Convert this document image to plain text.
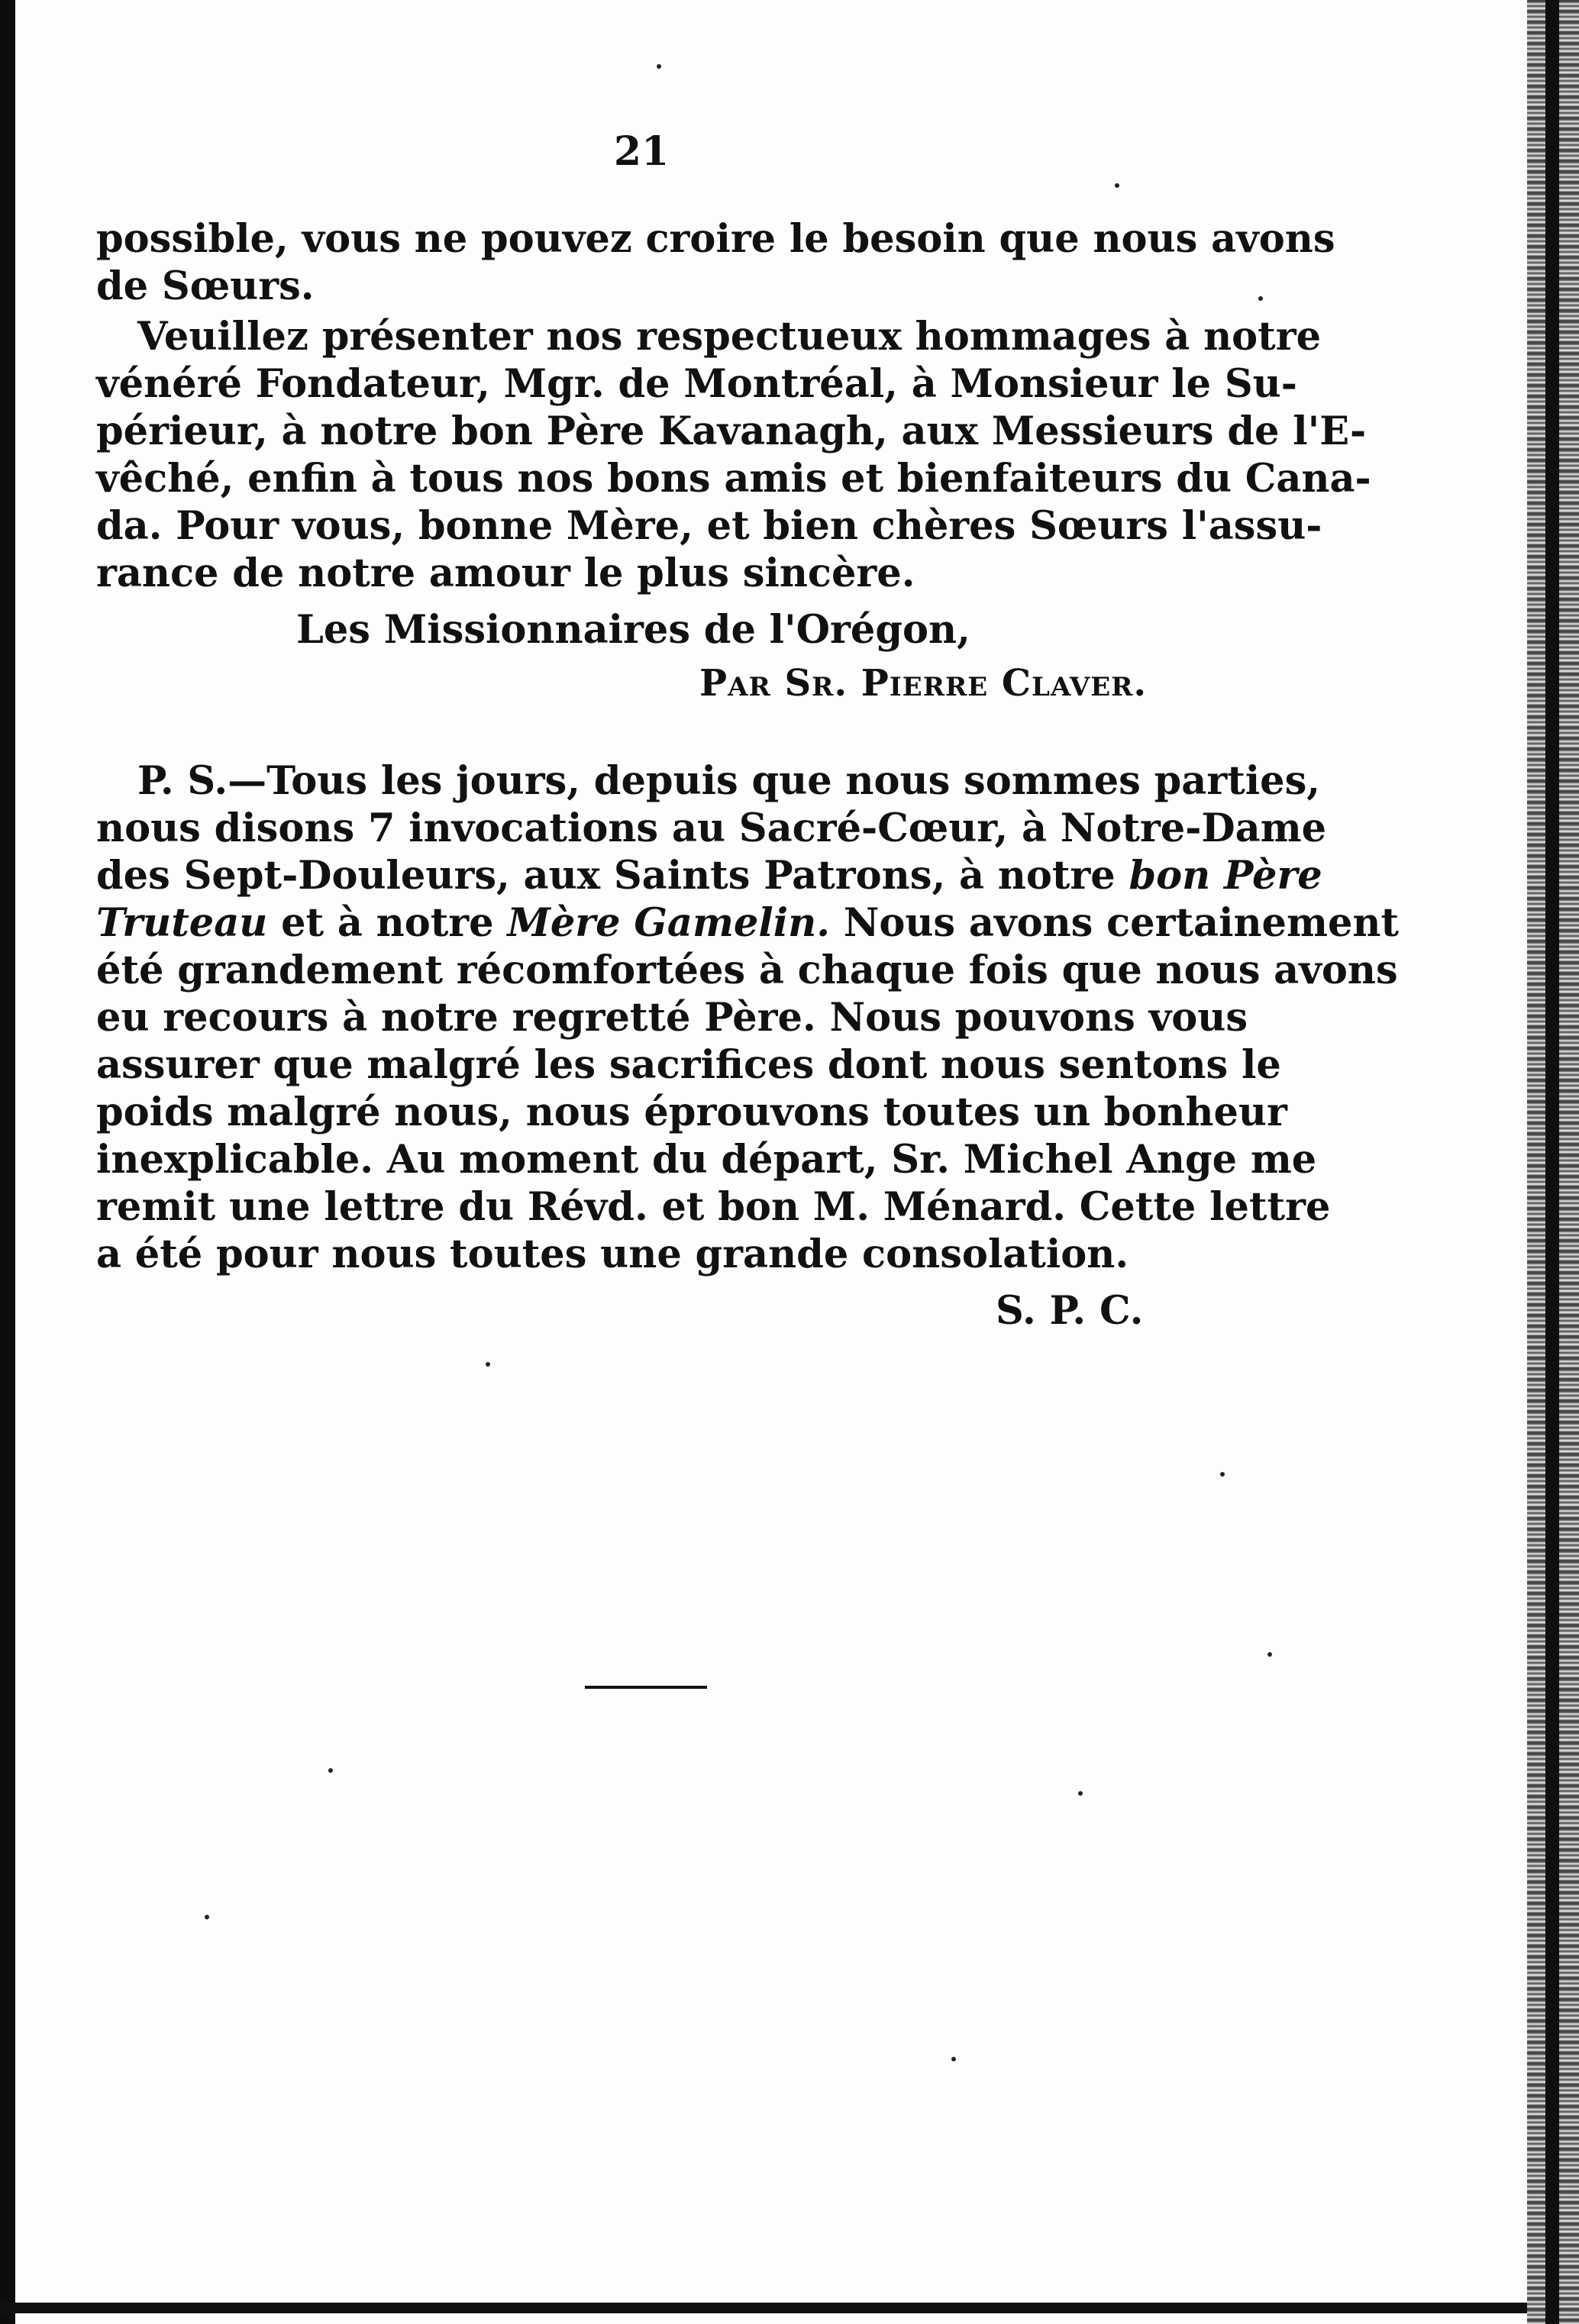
21
possible, vous ne pouvez croire le besoin que nous avons
de Sœurs.
Veuillez présenter nos respectueux hommages à notre
vénéré Fondateur, Mgr. de Montréal, à Monsieur le Su-
périeur, à notre bon Père Kavanagh, aux Messieurs de l'E-
vêché, enfin à tous nos bons amis et bienfaiteurs du Cana-
da. Pour vous, bonne Mère, et bien chères Sœurs l'assu-
rance de notre amour le plus sincère.
Les Missionnaires de l'Orégon,
Par Sr. Pierre Claver.
P. S.—Tous les jours, depuis que nous sommes parties,
nous disons 7 invocations au Sacré-Cœur, à Notre-Dame
des Sept-Douleurs, aux Saints Patrons, à notre bon Père
Truteau et à notre Mère Gamelin. Nous avons certainement
été grandement récomfortées à chaque fois que nous avons
eu recours à notre regretté Père. Nous pouvons vous
assurer que malgré les sacrifices dont nous sentons le
poids malgré nous, nous éprouvons toutes un bonheur
inexplicable. Au moment du départ, Sr. Michel Ange me
remit une lettre du Révd. et bon M. Ménard. Cette lettre
a été pour nous toutes une grande consolation.
S. P. C.
